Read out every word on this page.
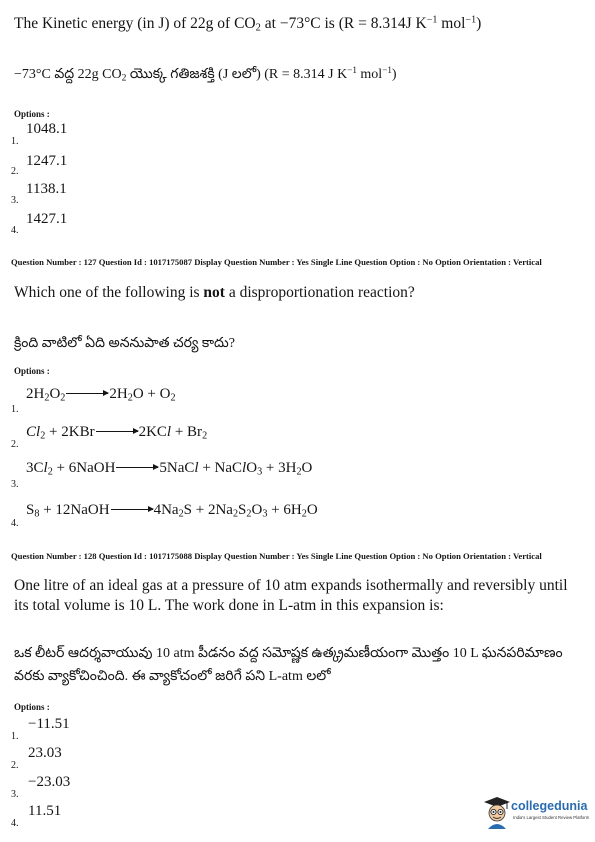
The Kinetic energy (in J) of 22g of $CO_2$ at −73°C is (R = 8.314J $K^{-1}$ mol$^{-1}$)
−73°C వద్ద 22g $CO_2$ యొక్క గతిజశక్తి (J లలో) (R = 8.314 J $K^{-1}$ mol$^{-1}$)
Options :
1.
1048.1
2.
1247.1
3.
1138.1
4.
1427.1
Question Number : 127 Question Id : 1017175087 Display Question Number : Yes Single Line Question Option : No Option Orientation : Vertical
Which one of the following is not a disproportionation reaction?
క్రింది వాటిలో ఏది అననుపాత చర్య కాదు?
Options :
1.
$2H_2O_2\to 2H_2O + O_2$
2.
$Cl_2 + 2KBr\to 2KCl + Br_2$
3.
$3Cl_2$ + 6NaOH→5NaCl + NaClO$_3$ + $3H_2O$
4.
$S_8$ + $12NaOH\to 4Na_2S + 2Na_2S_2O_3 + 6H_2O$
Question Number : 128 Question Id : 1017175088 Display Question Number : Yes Single Line Question Option : No Option Orientation : Vertical
One litre of an ideal gas at a pressure of 10 atm expands isothermally and reversibly until
its total volume is 10 L. The work done in L-atm in this expansion is:
ఒక లీటర్ ఆదర్శవాయువు 10 atm పీడనం వద్ద సమోష్ణక ఉత్క్రమణీయంగా మొత్తం 10 L ఘనపరిమాణం
వరకు వ్యాకోచించింది. ఈ వ్యాకోచంలో జరిగే పని L-atm లలో
Options :
1.
−11.51
2.
23.03
3.
−23.03
4.
11.51	collegedunia
India's Largest Student Review Platform
